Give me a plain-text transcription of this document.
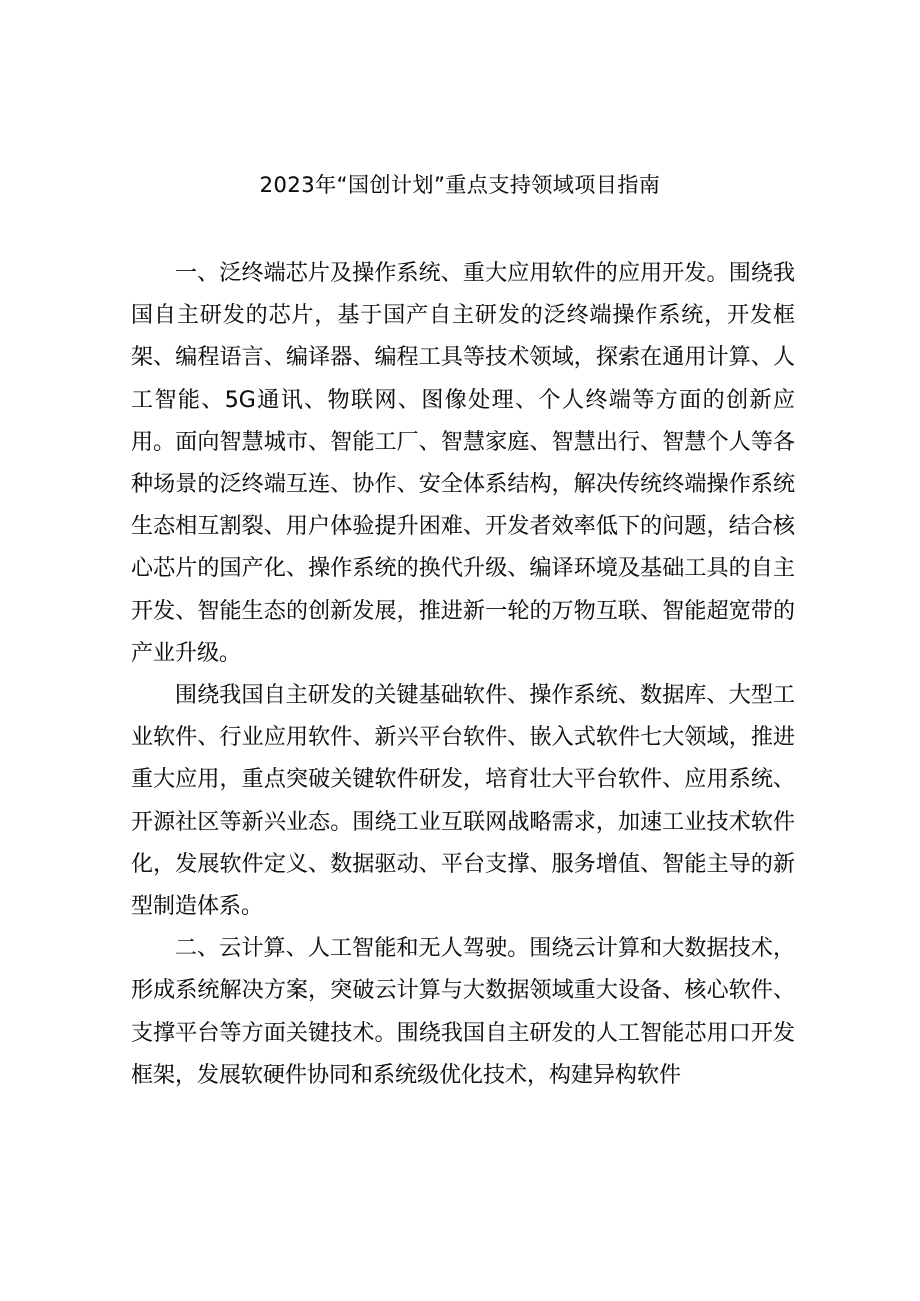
2023年“国创计划”重点支持领域项目指南

一、泛终端芯片及操作系统、重大应用软件的应用开发。围绕我国自主研发的芯片，基于国产自主研发的泛终端操作系统，开发框架、编程语言、编译器、编程工具等技术领域，探索在通用计算、人工智能、5G通讯、物联网、图像处理、个人终端等方面的创新应用。面向智慧城市、智能工厂、智慧家庭、智慧出行、智慧个人等各种场景的泛终端互连、协作、安全体系结构，解决传统终端操作系统生态相互割裂、用户体验提升困难、开发者效率低下的问题，结合核心芯片的国产化、操作系统的换代升级、编译环境及基础工具的自主开发、智能生态的创新发展，推进新一轮的万物互联、智能超宽带的产业升级。

围绕我国自主研发的关键基础软件、操作系统、数据库、大型工业软件、行业应用软件、新兴平台软件、嵌入式软件七大领域，推进重大应用，重点突破关键软件研发，培育壮大平台软件、应用系统、开源社区等新兴业态。围绕工业互联网战略需求，加速工业技术软件化，发展软件定义、数据驱动、平台支撑、服务增值、智能主导的新型制造体系。

二、云计算、人工智能和无人驾驶。围绕云计算和大数据技术，形成系统解决方案，突破云计算与大数据领域重大设备、核心软件、支撑平台等方面关键技术。围绕我国自主研发的人工智能芯用口开发框架，发展软硬件协同和系统级优化技术，构建异构软件
